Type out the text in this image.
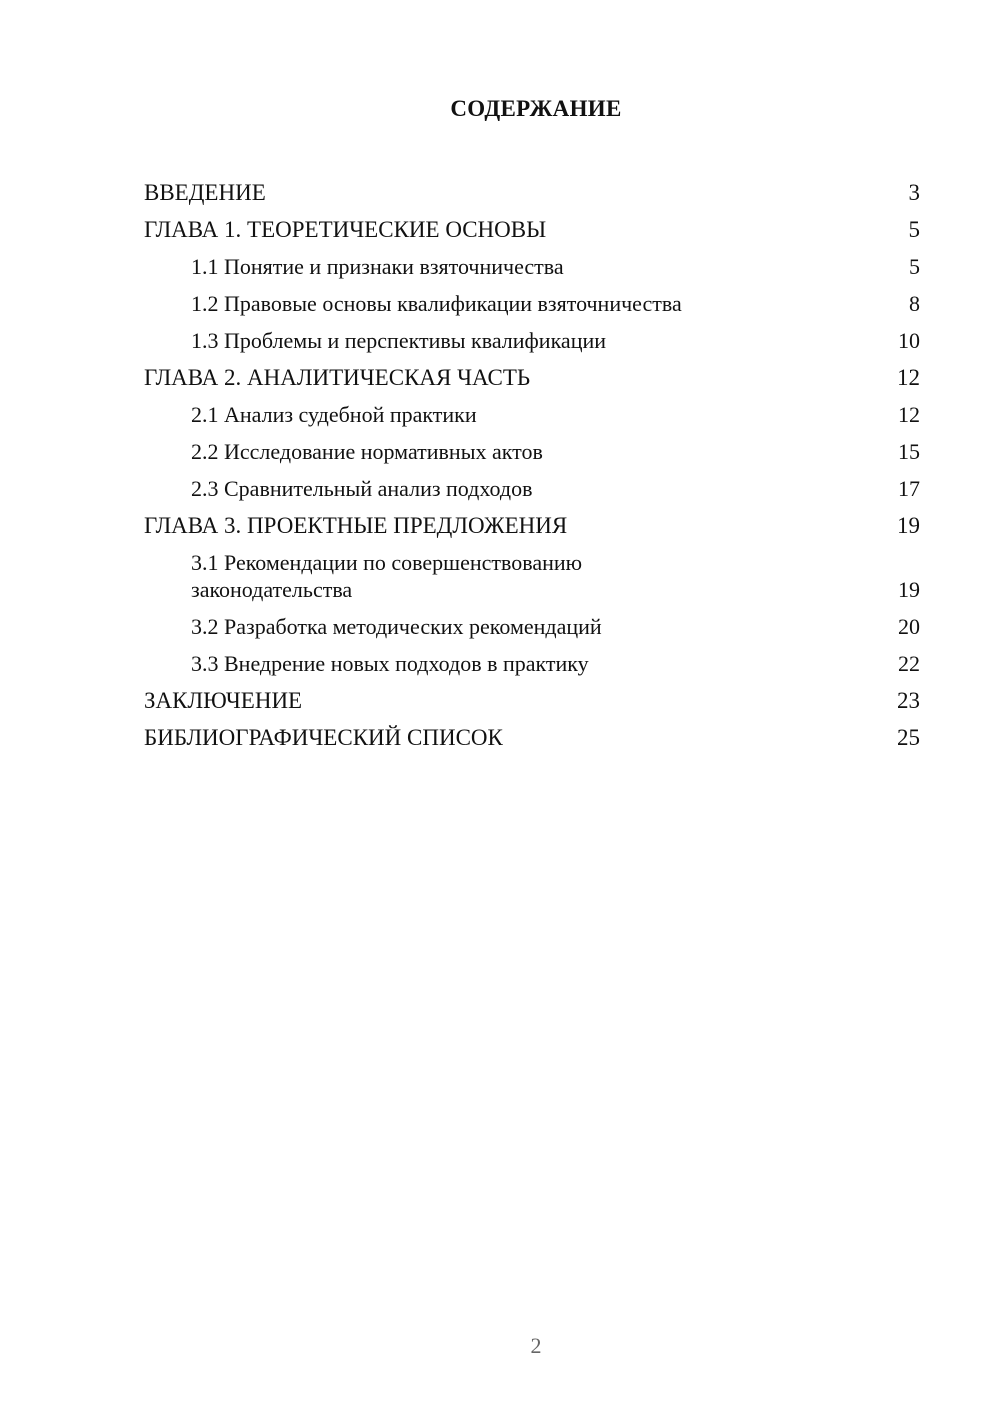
СОДЕРЖАНИЕ
ВВЕДЕНИЕ	3
ГЛАВА 1. ТЕОРЕТИЧЕСКИЕ ОСНОВЫ	5
1.1 Понятие и признаки взяточничества	5
1.2 Правовые основы квалификации взяточничества	8
1.3 Проблемы и перспективы квалификации	10
ГЛАВА 2. АНАЛИТИЧЕСКАЯ ЧАСТЬ	12
2.1 Анализ судебной практики	12
2.2 Исследование нормативных актов	15
2.3 Сравнительный анализ подходов	17
ГЛАВА 3. ПРОЕКТНЫЕ ПРЕДЛОЖЕНИЯ	19
3.1 Рекомендации по совершенствованию законодательства	19
3.2 Разработка методических рекомендаций	20
3.3 Внедрение новых подходов в практику	22
ЗАКЛЮЧЕНИЕ	23
БИБЛИОГРАФИЧЕСКИЙ СПИСОК	25
2
